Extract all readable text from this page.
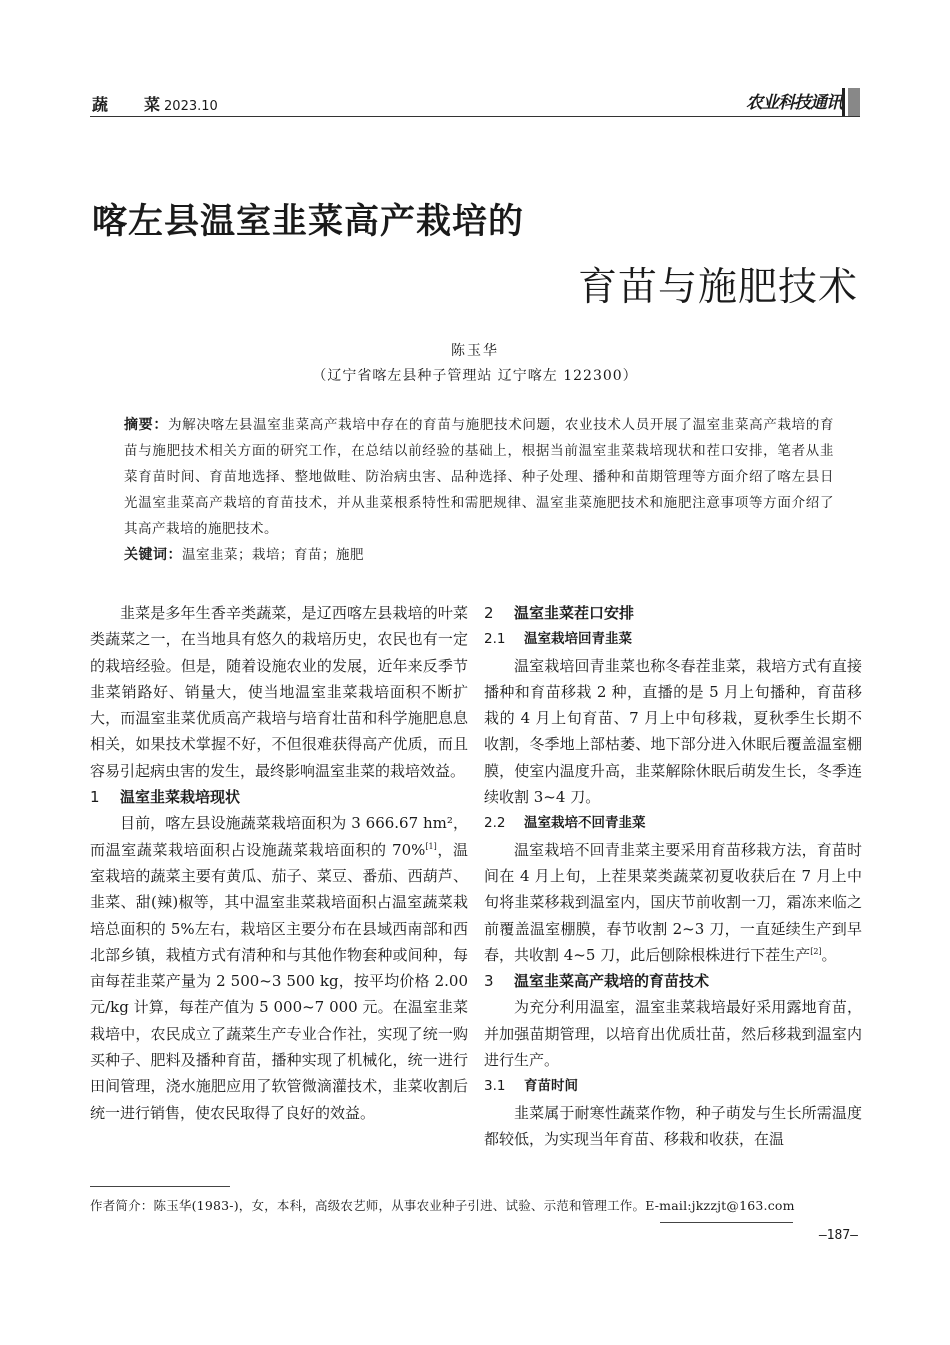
蔬 菜 2023.10	农业科技通讯
喀左县温室韭菜高产栽培的
育苗与施肥技术
陈玉华
（辽宁省喀左县种子管理站 辽宁喀左 122300）
摘要：为解决喀左县温室韭菜高产栽培中存在的育苗与施肥技术问题，农业技术人员开展了温室韭菜高产栽培的育苗与施肥技术相关方面的研究工作，在总结以前经验的基础上，根据当前温室韭菜栽培现状和茬口安排，笔者从韭菜育苗时间、育苗地选择、整地做畦、防治病虫害、品种选择、种子处理、播种和苗期管理等方面介绍了喀左县日光温室韭菜高产栽培的育苗技术，并从韭菜根系特性和需肥规律、温室韭菜施肥技术和施肥注意事项等方面介绍了其高产栽培的施肥技术。
关键词：温室韭菜；栽培；育苗；施肥

韭菜是多年生香辛类蔬菜，是辽西喀左县栽培的叶菜类蔬菜之一，在当地具有悠久的栽培历史，农民也有一定的栽培经验。但是，随着设施农业的发展，近年来反季节韭菜销路好、销量大，使当地温室韭菜栽培面积不断扩大，而温室韭菜优质高产栽培与培育壮苗和科学施肥息息相关，如果技术掌握不好，不但很难获得高产优质，而且容易引起病虫害的发生，最终影响温室韭菜的栽培效益。

1 温室韭菜栽培现状

目前，喀左县设施蔬菜栽培面积为 3 666.67 hm²，而温室蔬菜栽培面积占设施蔬菜栽培面积的 70%[1]，温室栽培的蔬菜主要有黄瓜、茄子、菜豆、番茄、西葫芦、韭菜、甜(辣)椒等，其中温室韭菜栽培面积占温室蔬菜栽培总面积的 5%左右，栽培区主要分布在县域西南部和西北部乡镇，栽植方式有清种和与其他作物套种或间种，每亩每茬韭菜产量为 2 500~3 500 kg，按平均价格 2.00 元/kg 计算，每茬产值为 5 000~7 000 元。在温室韭菜栽培中，农民成立了蔬菜生产专业合作社，实现了统一购买种子、肥料及播种育苗，播种实现了机械化，统一进行田间管理，浇水施肥应用了软管微滴灌技术，韭菜收割后统一进行销售，使农民取得了良好的效益。

2 温室韭菜茬口安排
2.1 温室栽培回青韭菜

温室栽培回青韭菜也称冬春茬韭菜，栽培方式有直接播种和育苗移栽 2 种，直播的是 5 月上旬播种，育苗移栽的 4 月上旬育苗、7 月上中旬移栽，夏秋季生长期不收割，冬季地上部枯萎、地下部分进入休眠后覆盖温室棚膜，使室内温度升高，韭菜解除休眠后萌发生长，冬季连续收割 3~4 刀。

2.2 温室栽培不回青韭菜

温室栽培不回青韭菜主要采用育苗移栽方法，育苗时间在 4 月上旬，上茬果菜类蔬菜初夏收获后在 7 月上中旬将韭菜移栽到温室内，国庆节前收割一刀，霜冻来临之前覆盖温室棚膜，春节收割 2~3 刀，一直延续生产到早春，共收割 4~5 刀，此后刨除根株进行下茬生产[2]。

3 温室韭菜高产栽培的育苗技术

为充分利用温室，温室韭菜栽培最好采用露地育苗，并加强苗期管理，以培育出优质壮苗，然后移栽到温室内进行生产。

3.1 育苗时间

韭菜属于耐寒性蔬菜作物，种子萌发与生长所需温度都较低，为实现当年育苗、移栽和收获，在温

作者简介：陈玉华(1983-)，女，本科，高级农艺师，从事农业种子引进、试验、示范和管理工作。E-mail:jkzzjt@163.com
—187—
